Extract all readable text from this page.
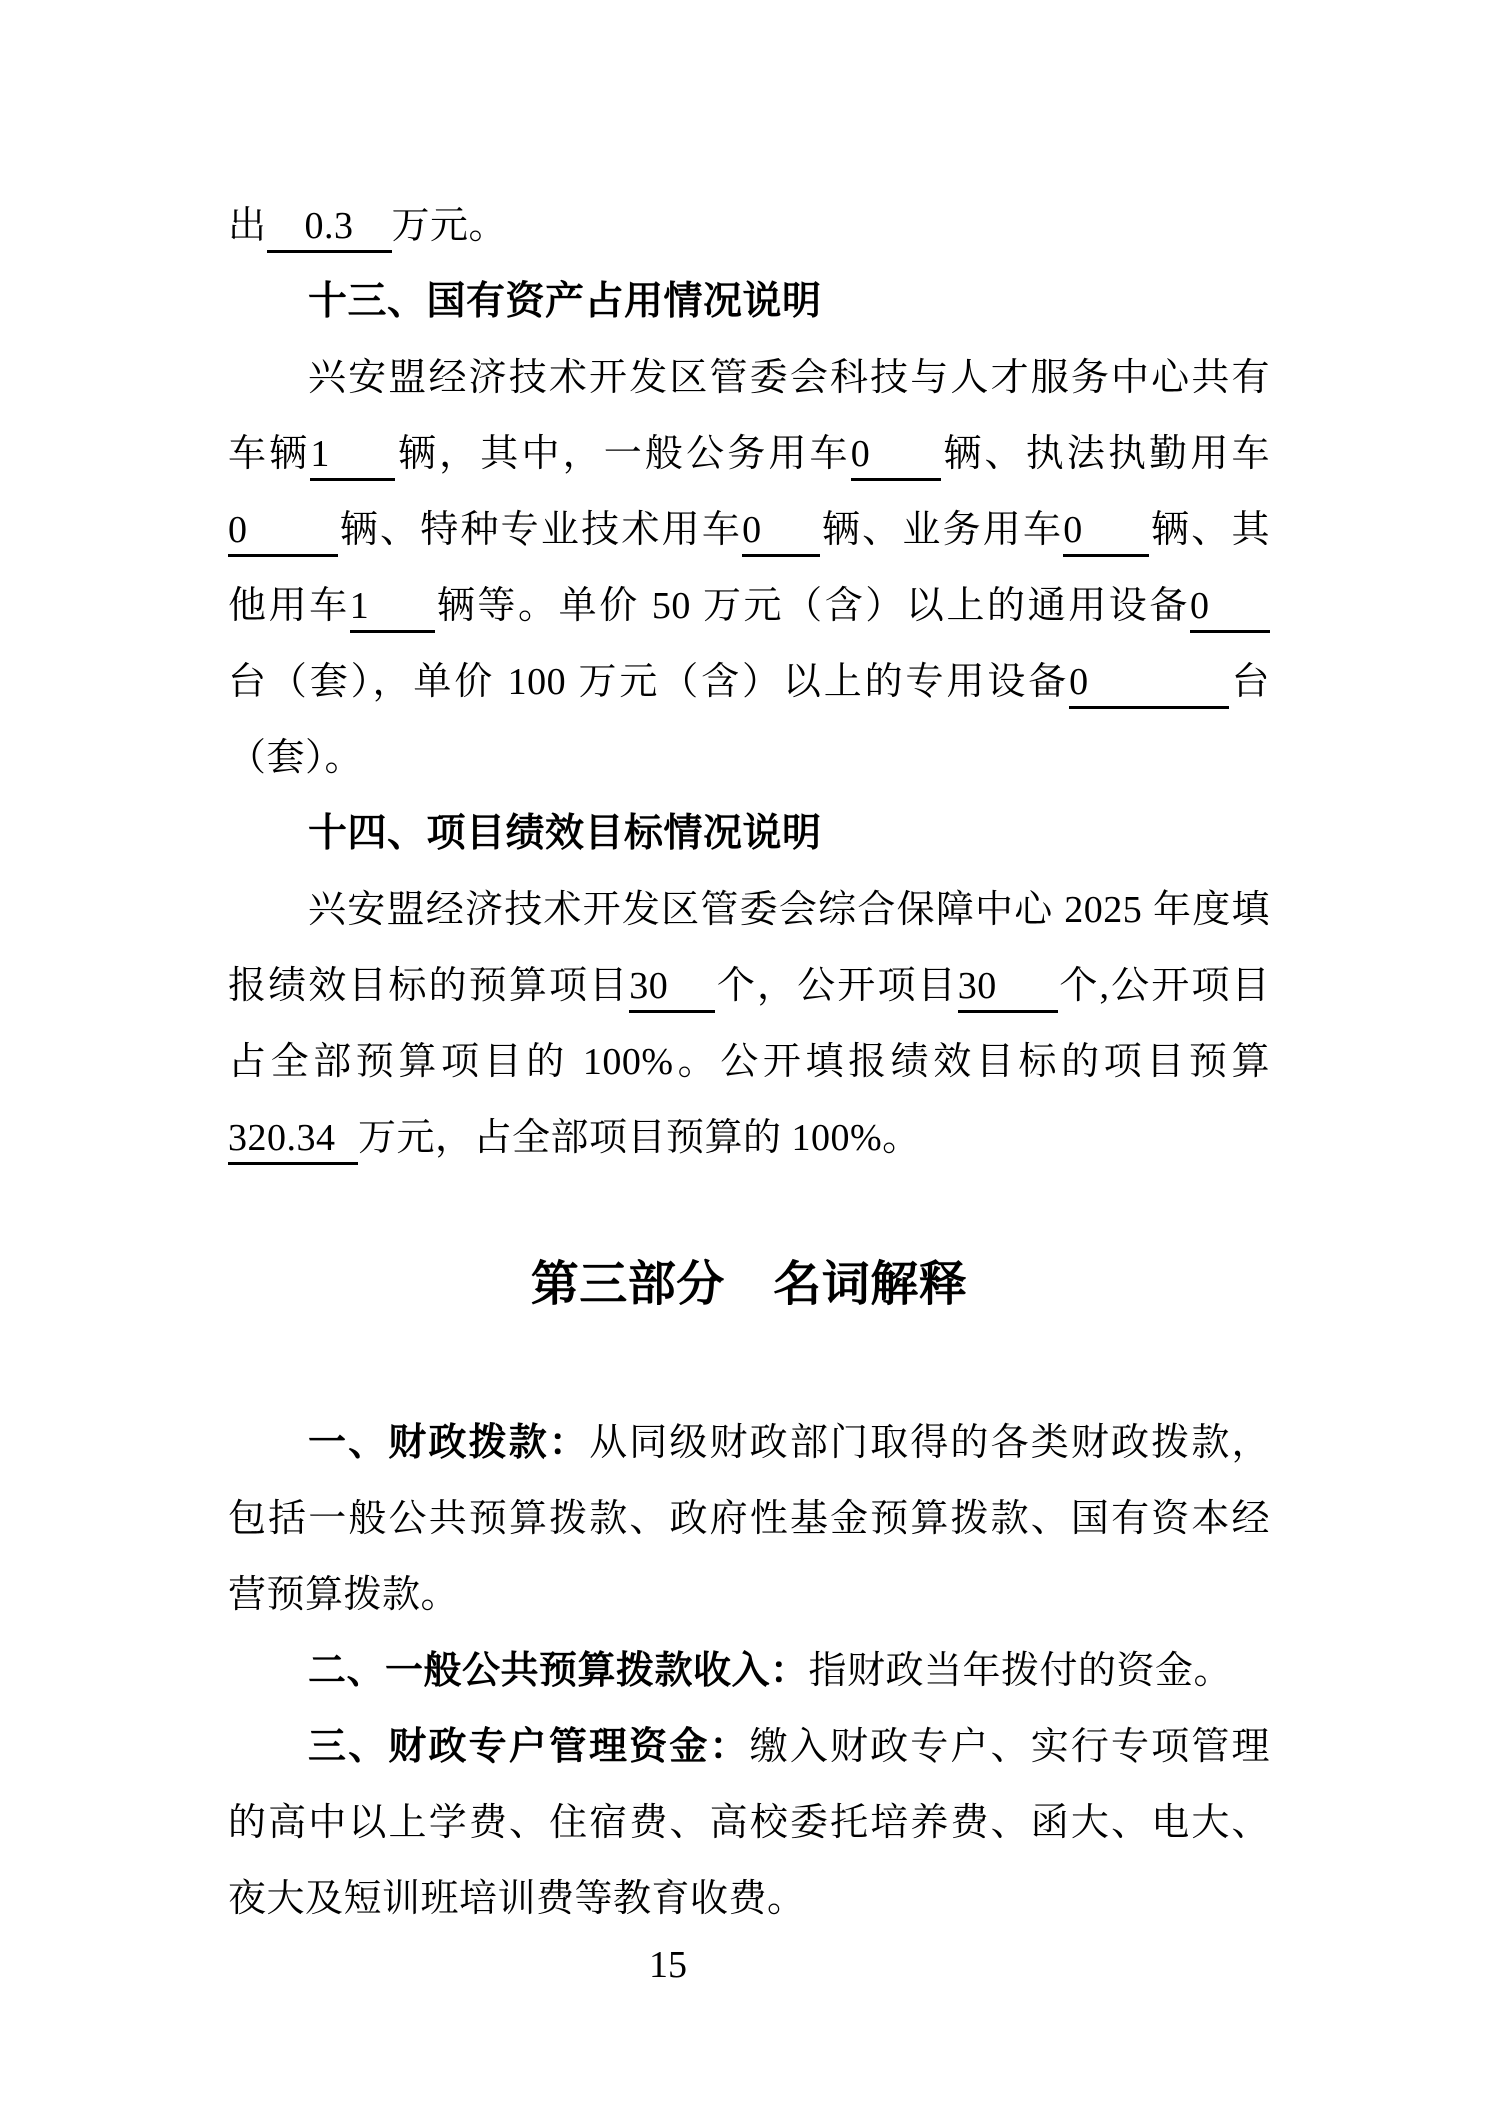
出 0.3 万元。
十三、国有资产占用情况说明
兴安盟经济技术开发区管委会科技与人才服务中心共有
车辆1 辆，其中，一般公务用车0 辆、执法执勤用车
0 辆、特种专业技术用车0 辆、业务用车0 辆、其
他用车1 辆等。单价 50 万元（含）以上的通用设备0
台（套），单价 100 万元（含）以上的专用设备0	台
（套）。
十四、项目绩效目标情况说明
兴安盟经济技术开发区管委会综合保障中心 2025 年度填
报绩效目标的预算项目30 个，公开项目30 个,公开项目
占全部预算项目的 100%。公开填报绩效目标的项目预算
320.34 万元，占全部项目预算的 100%。
第三部分　名词解释
一、财政拨款：从同级财政部门取得的各类财政拨款，
包括一般公共预算拨款、政府性基金预算拨款、国有资本经
营预算拨款。
二、一般公共预算拨款收入：指财政当年拨付的资金。
三、财政专户管理资金：缴入财政专户、实行专项管理
的高中以上学费、住宿费、高校委托培养费、函大、电大、
夜大及短训班培训费等教育收费。
15
